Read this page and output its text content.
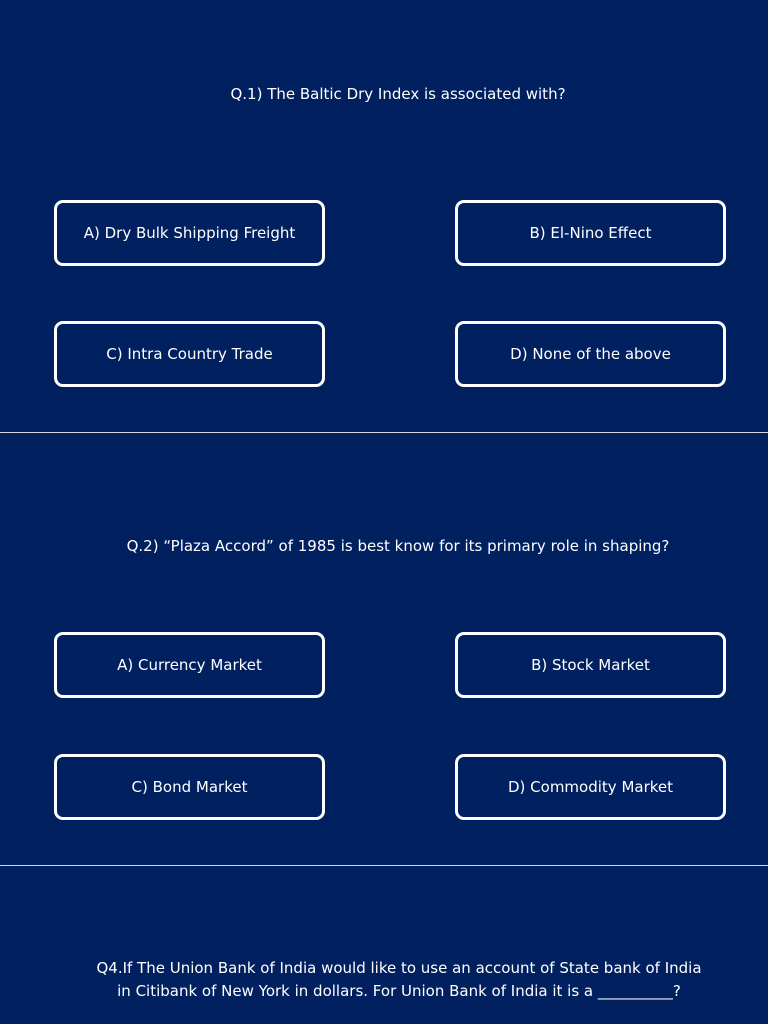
Q.1) The Baltic Dry Index is associated with?
A) Dry Bulk Shipping Freight	B) El-Nino Effect
C) Intra Country Trade	D) None of the above
Q.2) “Plaza Accord” of 1985 is best know for its primary role in shaping?
A) Currency Market	B) Stock Market
C) Bond Market	D) Commodity Market
Q4.If The Union Bank of India would like to use an account of State bank of India
in Citibank of New York in dollars. For Union Bank of India it is a __________?
